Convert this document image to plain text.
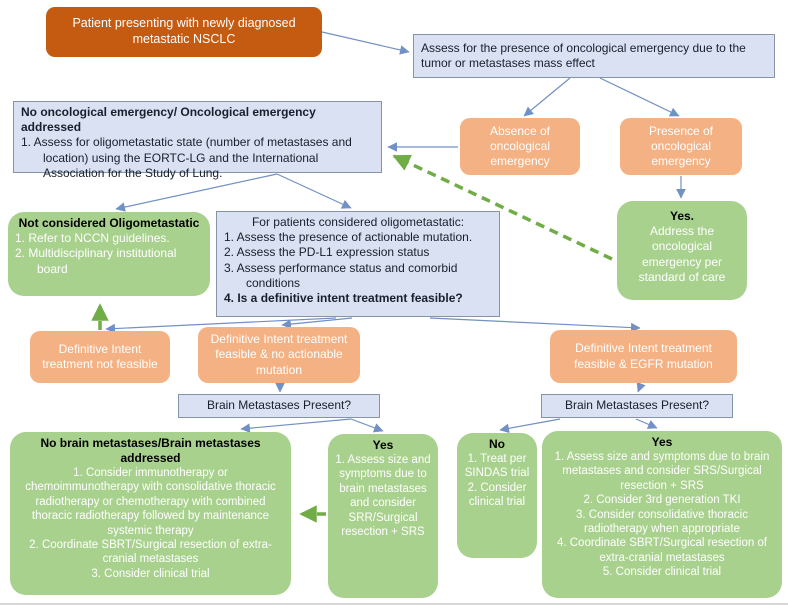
Patient presenting with newly diagnosed metastatic NSCLC
Assess for the presence of oncological emergency due to the tumor or metastases mass effect
No oncological emergency/ Oncological emergency addressed
1. Assess for oligometastatic state (number of metastases and location) using the EORTC-LG and the International Association for the Study of Lung.
Absence of oncological emergency
Presence of oncological emergency
Yes.
Address the oncological emergency per standard of care
Not considered Oligometastatic
1. Refer to NCCN guidelines.
2. Multidisciplinary institutional board
For patients considered oligometastatic:
1. Assess the presence of actionable mutation.
2. Assess the PD-L1 expression status
3. Assess performance status and comorbid conditions
4. Is a definitive intent treatment feasible?
Definitive Intent treatment not feasible
Definitive Intent treatment feasible & no actionable mutation
Definitive Intent treatment feasible & EGFR mutation
Brain Metastases Present?	Brain Metastases Present?
No brain metastases/Brain metastases addressed
1. Consider immunotherapy or chemoimmunotherapy with consolidative thoracic radiotherapy or chemotherapy with combined thoracic radiotherapy followed by maintenance systemic therapy
2. Coordinate SBRT/Surgical resection of extra-cranial metastases
3. Consider clinical trial
Yes
1. Assess size and symptoms due to brain metastases and consider SRR/Surgical resection + SRS
No
1. Treat per SINDAS trial
2. Consider clinical trial
Yes
1. Assess size and symptoms due to brain metastases and consider SRS/Surgical resection + SRS
2. Consider 3rd generation TKI
3. Consider consolidative thoracic radiotherapy when appropriate
4. Coordinate SBRT/Surgical resection of extra-cranial metastases
5. Consider clinical trial
